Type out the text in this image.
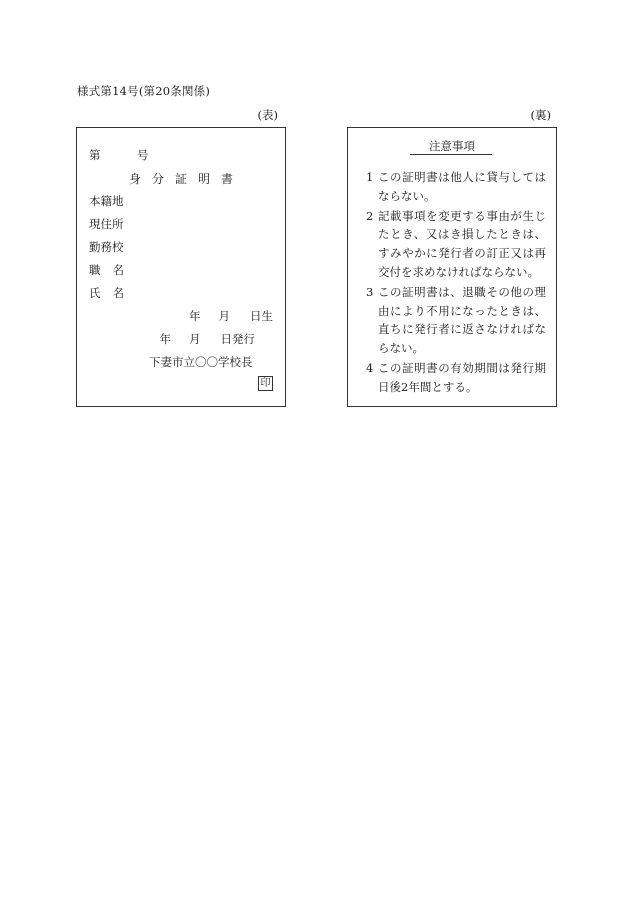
様式第14号(第20条関係)
(表)	(裏)
第	号
身分証明書
本籍地
現住所
勤務校
職名
氏名
年 月 日生
年 月 日発行
下妻市立〇〇学校長
印
注意事項
1 この証明書は他人に貸与してはならない。
2 記載事項を変更する事由が生じたとき、又はき損したときは、すみやかに発行者の訂正又は再交付を求めなければならない。
3 この証明書は、退職その他の理由により不用になったときは、直ちに発行者に返さなければならない。
4 この証明書の有効期間は発行期日後2年間とする。
